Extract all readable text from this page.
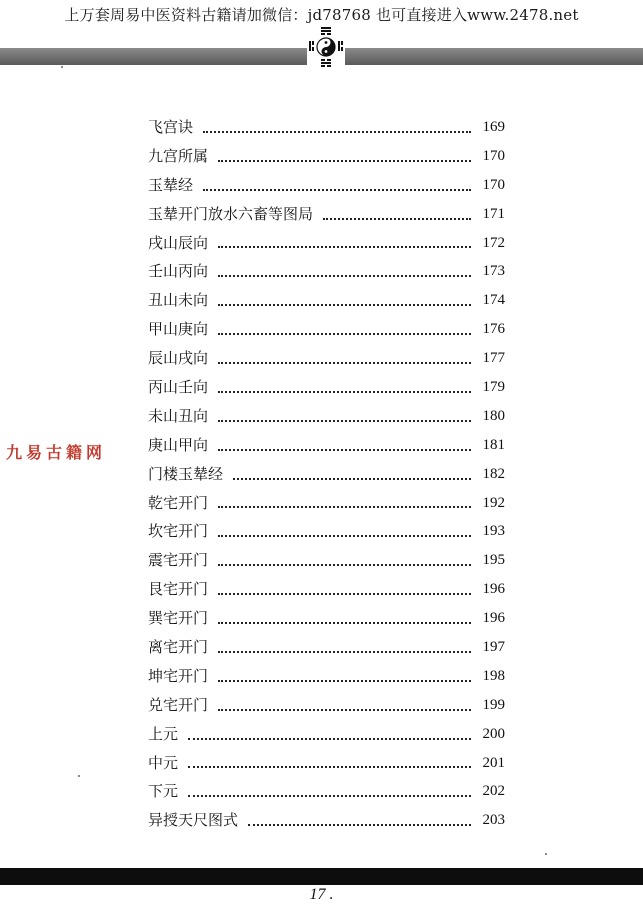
上万套周易中医资料古籍请加微信：jd78768 也可直接进入www.2478.net
九易古籍网
飞宫诀	169
九宫所属	170
玉辇经	170
玉辇开门放水六畜等图局	171
戌山辰向	172
壬山丙向	173
丑山未向	174
甲山庚向	176
辰山戌向	177
丙山壬向	179
未山丑向	180
庚山甲向	181
门楼玉辇经	182
乾宅开门	192
坎宅开门	193
震宅开门	195
艮宅开门	196
巽宅开门	196
离宅开门	197
坤宅开门	198
兑宅开门	199
上元	200
中元	201
下元	202
异授天尺图式	203
17 .
